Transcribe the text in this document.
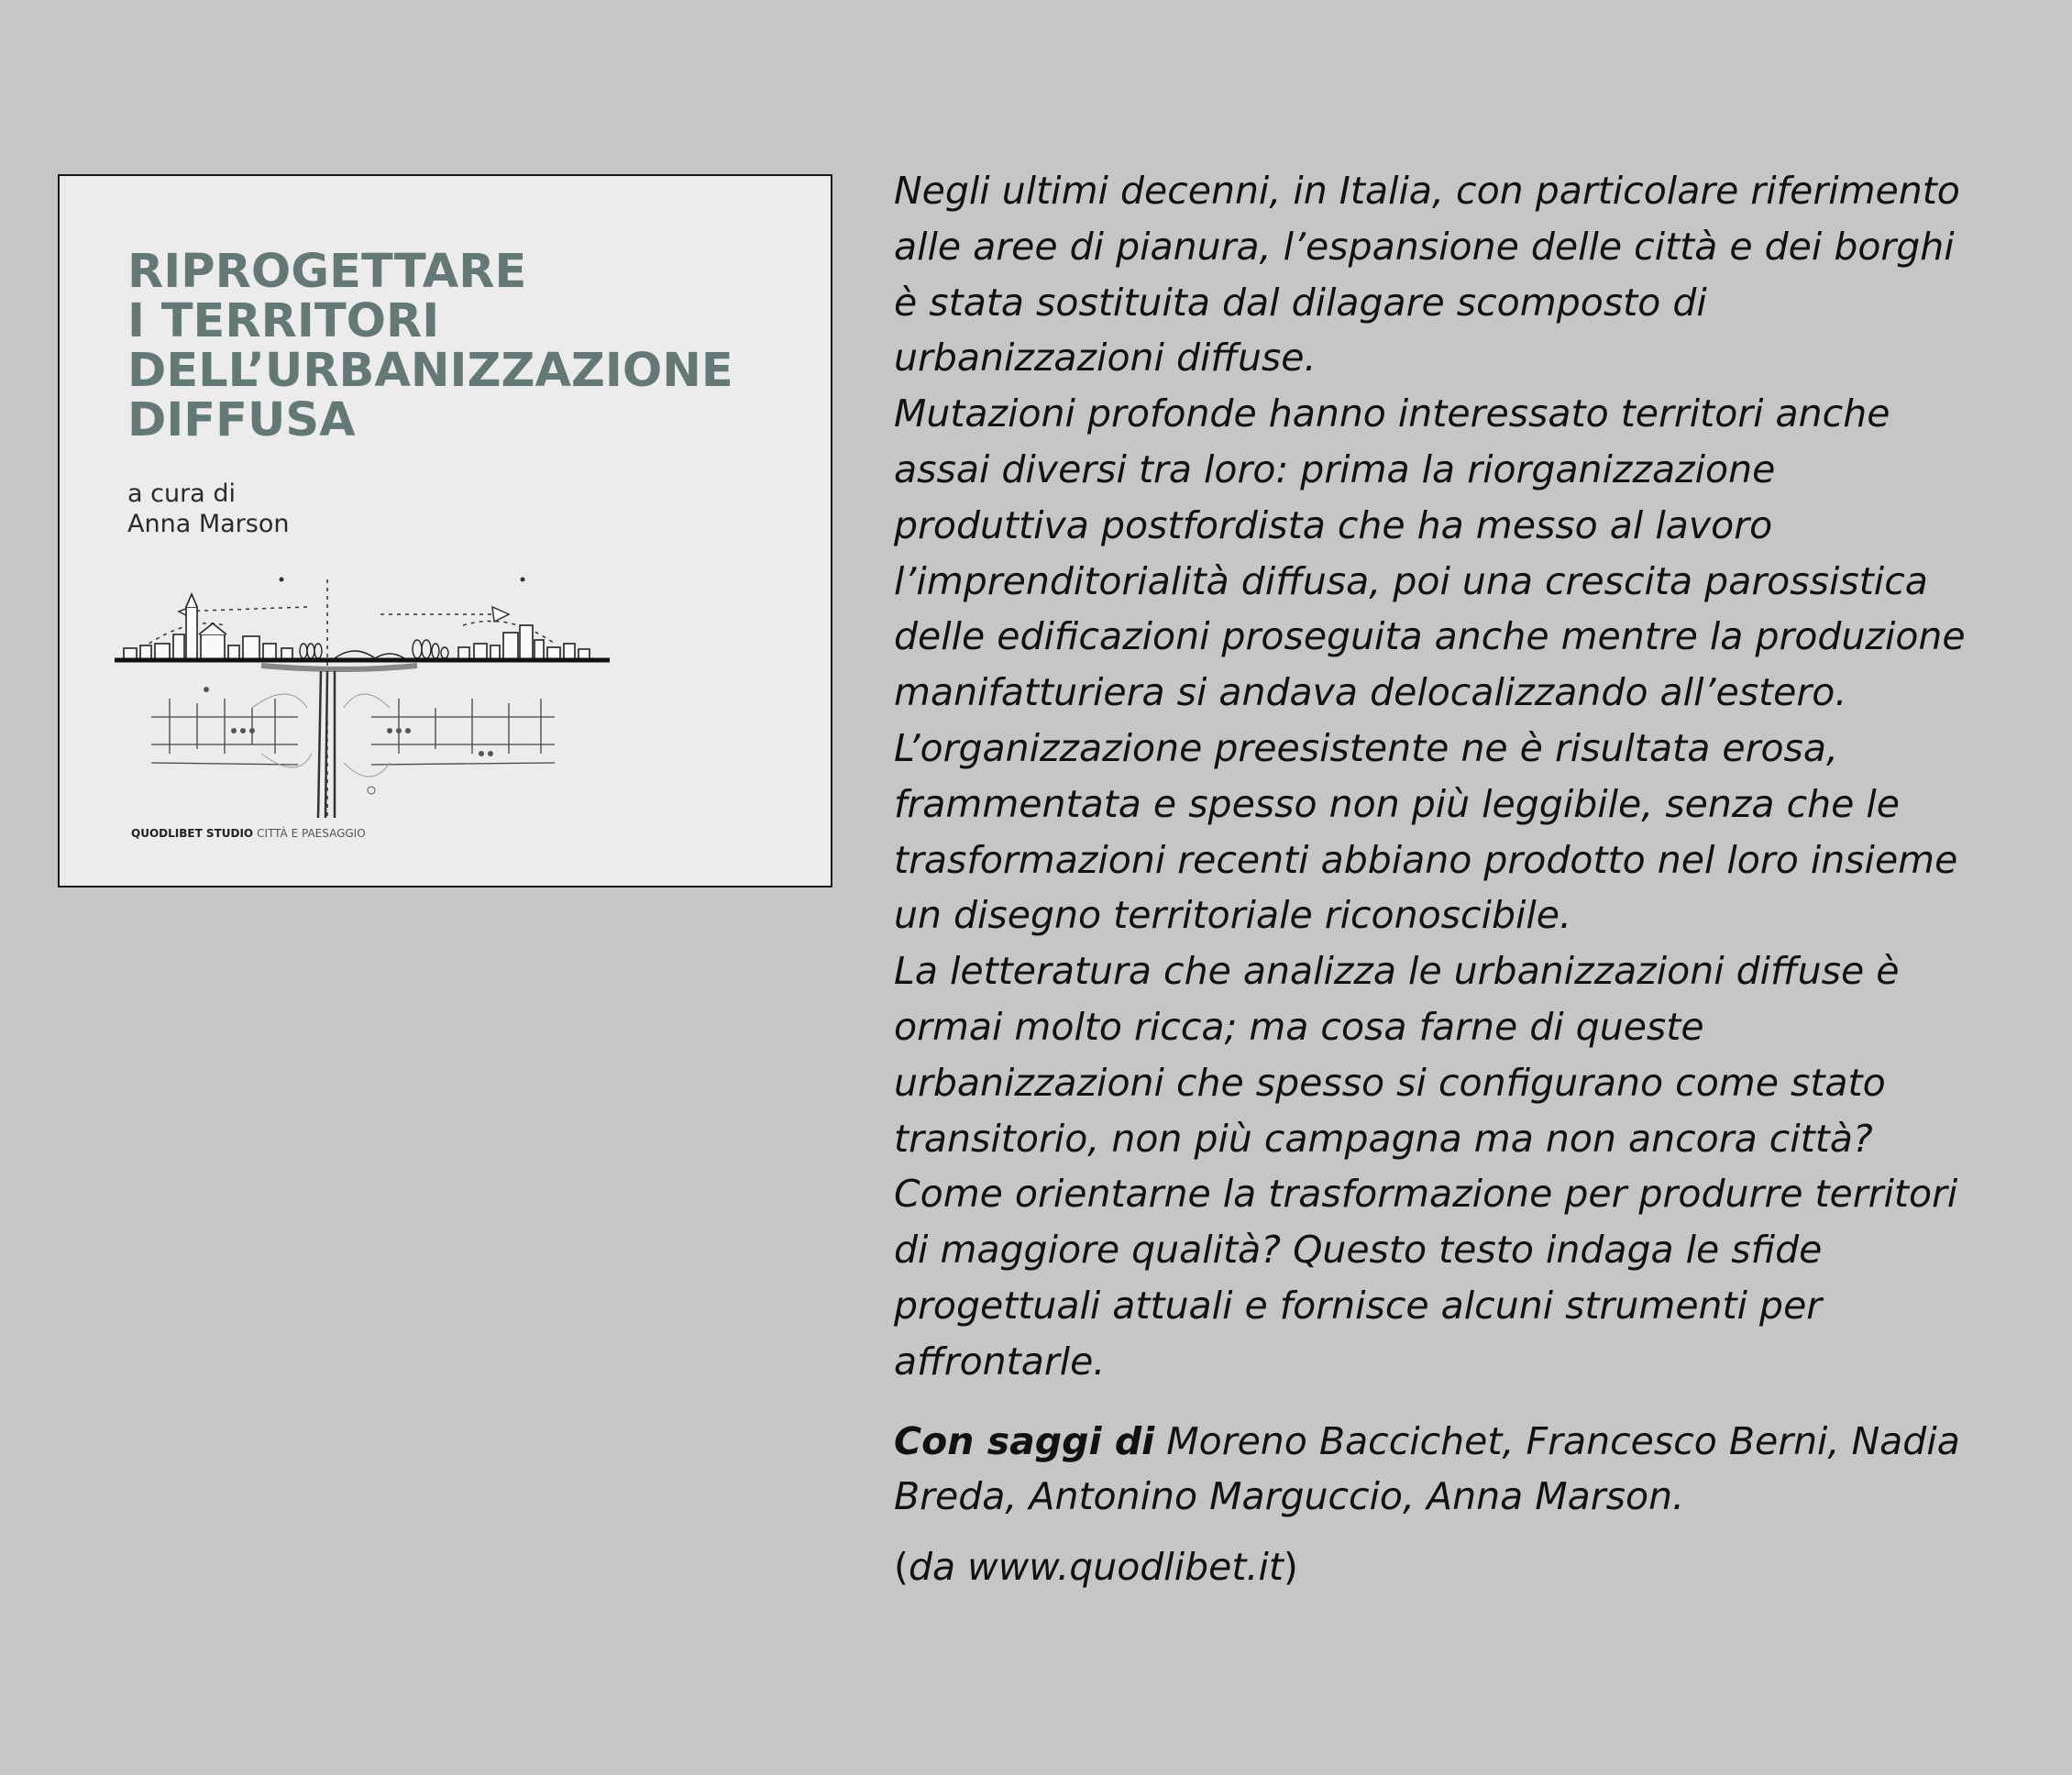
RIPROGETTARE
I TERRITORI
DELL’URBANIZZAZIONE
DIFFUSA
a cura di
Anna Marson
QUODLIBET STUDIO CITTÀ E PAESAGGIO
Negli ultimi decenni, in Italia, con particolare riferimento
alle aree di pianura, l’espansione delle città e dei borghi
è stata sostituita dal dilagare scomposto di
urbanizzazioni diffuse.
Mutazioni profonde hanno interessato territori anche
assai diversi tra loro: prima la riorganizzazione
produttiva postfordista che ha messo al lavoro
l’imprenditorialità diffusa, poi una crescita parossistica
delle edificazioni proseguita anche mentre la produzione
manifatturiera si andava delocalizzando all’estero.
L’organizzazione preesistente ne è risultata erosa,
frammentata e spesso non più leggibile, senza che le
trasformazioni recenti abbiano prodotto nel loro insieme
un disegno territoriale riconoscibile.
La letteratura che analizza le urbanizzazioni diffuse è
ormai molto ricca; ma cosa farne di queste
urbanizzazioni che spesso si configurano come stato
transitorio, non più campagna ma non ancora città?
Come orientarne la trasformazione per produrre territori
di maggiore qualità? Questo testo indaga le sfide
progettuali attuali e fornisce alcuni strumenti per
affrontarle.
Con saggi di Moreno Baccichet, Francesco Berni, Nadia
Breda, Antonino Marguccio, Anna Marson.
(da www.quodlibet.it)
